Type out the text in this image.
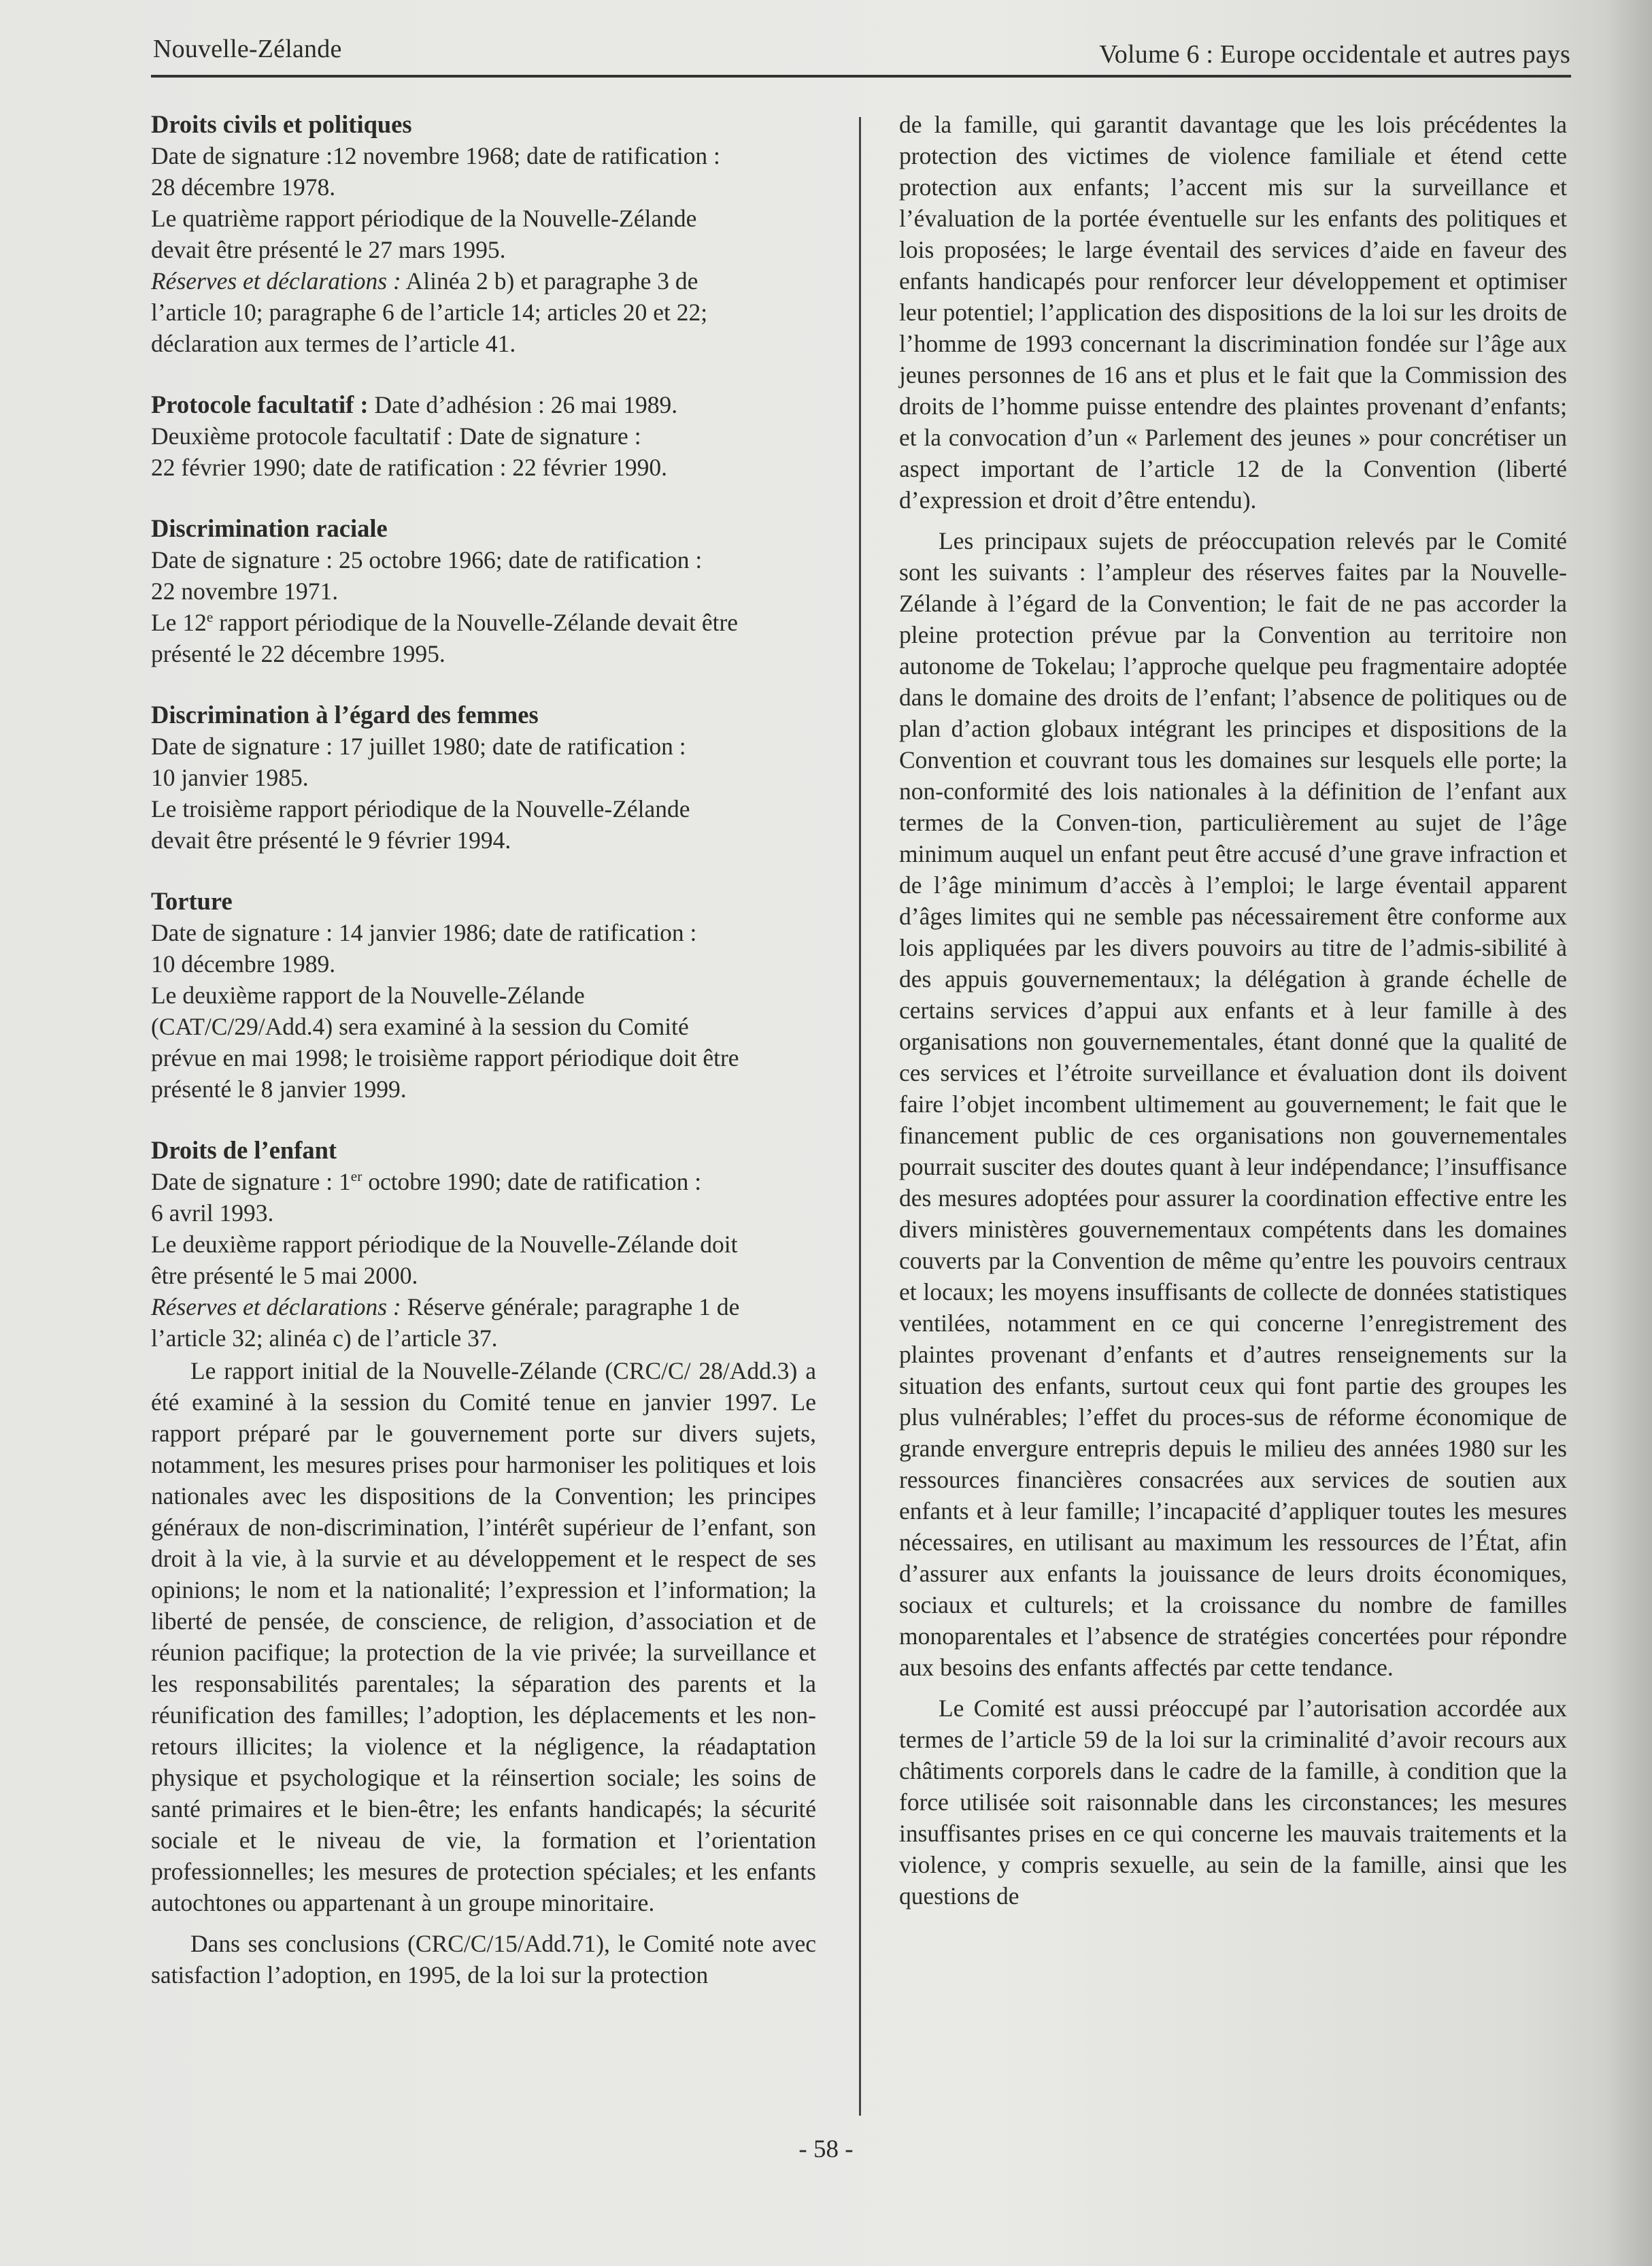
Nouvelle-Zélande	Volume 6 : Europe occidentale et autres pays
Droits civils et politiques
Date de signature :12 novembre 1968; date de ratification :
28 décembre 1978.
Le quatrième rapport périodique de la Nouvelle-Zélande
devait être présenté le 27 mars 1995.
Réserves et déclarations : Alinéa 2 b) et paragraphe 3 de
l’article 10; paragraphe 6 de l’article 14; articles 20 et 22;
déclaration aux termes de l’article 41.
Protocole facultatif : Date d’adhésion : 26 mai 1989.
Deuxième protocole facultatif : Date de signature :
22 février 1990; date de ratification : 22 février 1990.
Discrimination raciale
Date de signature : 25 octobre 1966; date de ratification :
22 novembre 1971.
Le 12e rapport périodique de la Nouvelle-Zélande devait être
présenté le 22 décembre 1995.
Discrimination à l’égard des femmes
Date de signature : 17 juillet 1980; date de ratification :
10 janvier 1985.
Le troisième rapport périodique de la Nouvelle-Zélande
devait être présenté le 9 février 1994.
Torture
Date de signature : 14 janvier 1986; date de ratification :
10 décembre 1989.
Le deuxième rapport de la Nouvelle-Zélande
(CAT/C/29/Add.4) sera examiné à la session du Comité
prévue en mai 1998; le troisième rapport périodique doit être
présenté le 8 janvier 1999.
Droits de l’enfant
Date de signature : 1er octobre 1990; date de ratification :
6 avril 1993.
Le deuxième rapport périodique de la Nouvelle-Zélande doit
être présenté le 5 mai 2000.
Réserves et déclarations : Réserve générale; paragraphe 1 de
l’article 32; alinéa c) de l’article 37.

Le rapport initial de la Nouvelle-Zélande (CRC/C/ 28/Add.3) a été examiné à la session du Comité tenue en janvier 1997. Le rapport préparé par le gouvernement porte sur divers sujets, notamment, les mesures prises pour harmoniser les politiques et lois nationales avec les dispositions de la Convention; les principes généraux de non-discrimination, l’intérêt supérieur de l’enfant, son droit à la vie, à la survie et au développement et le respect de ses opinions; le nom et la nationalité; l’expression et l’information; la liberté de pensée, de conscience, de religion, d’association et de réunion pacifique; la protection de la vie privée; la surveillance et les responsabilités parentales; la séparation des parents et la réunification des familles; l’adoption, les déplacements et les non-retours illicites; la violence et la négligence, la réadaptation physique et psychologique et la réinsertion sociale; les soins de santé primaires et le bien-être; les enfants handicapés; la sécurité sociale et le niveau de vie, la formation et l’orientation professionnelles; les mesures de protection spéciales; et les enfants autochtones ou appartenant à un groupe minoritaire.

Dans ses conclusions (CRC/C/15/Add.71), le Comité note avec satisfaction l’adoption, en 1995, de la loi sur la protection

de la famille, qui garantit davantage que les lois précédentes la protection des victimes de violence familiale et étend cette protection aux enfants; l’accent mis sur la surveillance et l’évaluation de la portée éventuelle sur les enfants des politiques et lois proposées; le large éventail des services d’aide en faveur des enfants handicapés pour renforcer leur développement et optimiser leur potentiel; l’application des dispositions de la loi sur les droits de l’homme de 1993 concernant la discrimination fondée sur l’âge aux jeunes personnes de 16 ans et plus et le fait que la Commission des droits de l’homme puisse entendre des plaintes provenant d’enfants; et la convocation d’un « Parlement des jeunes » pour concrétiser un aspect important de l’article 12 de la Convention (liberté d’expression et droit d’être entendu).

Les principaux sujets de préoccupation relevés par le Comité sont les suivants : l’ampleur des réserves faites par la Nouvelle-Zélande à l’égard de la Convention; le fait de ne pas accorder la pleine protection prévue par la Convention au territoire non autonome de Tokelau; l’approche quelque peu fragmentaire adoptée dans le domaine des droits de l’enfant; l’absence de politiques ou de plan d’action globaux intégrant les principes et dispositions de la Convention et couvrant tous les domaines sur lesquels elle porte; la non-conformité des lois nationales à la définition de l’enfant aux termes de la Conven-tion, particulièrement au sujet de l’âge minimum auquel un enfant peut être accusé d’une grave infraction et de l’âge minimum d’accès à l’emploi; le large éventail apparent d’âges limites qui ne semble pas nécessairement être conforme aux lois appliquées par les divers pouvoirs au titre de l’admis-sibilité à des appuis gouvernementaux; la délégation à grande échelle de certains services d’appui aux enfants et à leur famille à des organisations non gouvernementales, étant donné que la qualité de ces services et l’étroite surveillance et évaluation dont ils doivent faire l’objet incombent ultimement au gouvernement; le fait que le financement public de ces organisations non gouvernementales pourrait susciter des doutes quant à leur indépendance; l’insuffisance des mesures adoptées pour assurer la coordination effective entre les divers ministères gouvernementaux compétents dans les domaines couverts par la Convention de même qu’entre les pouvoirs centraux et locaux; les moyens insuffisants de collecte de données statistiques ventilées, notamment en ce qui concerne l’enregistrement des plaintes provenant d’enfants et d’autres renseignements sur la situation des enfants, surtout ceux qui font partie des groupes les plus vulnérables; l’effet du proces-sus de réforme économique de grande envergure entrepris depuis le milieu des années 1980 sur les ressources financières consacrées aux services de soutien aux enfants et à leur famille; l’incapacité d’appliquer toutes les mesures nécessaires, en utilisant au maximum les ressources de l’État, afin d’assurer aux enfants la jouissance de leurs droits économiques, sociaux et culturels; et la croissance du nombre de familles monoparentales et l’absence de stratégies concertées pour répondre aux besoins des enfants affectés par cette tendance.

Le Comité est aussi préoccupé par l’autorisation accordée aux termes de l’article 59 de la loi sur la criminalité d’avoir recours aux châtiments corporels dans le cadre de la famille, à condition que la force utilisée soit raisonnable dans les circonstances; les mesures insuffisantes prises en ce qui concerne les mauvais traitements et la violence, y compris sexuelle, au sein de la famille, ainsi que les questions de

- 58 -
